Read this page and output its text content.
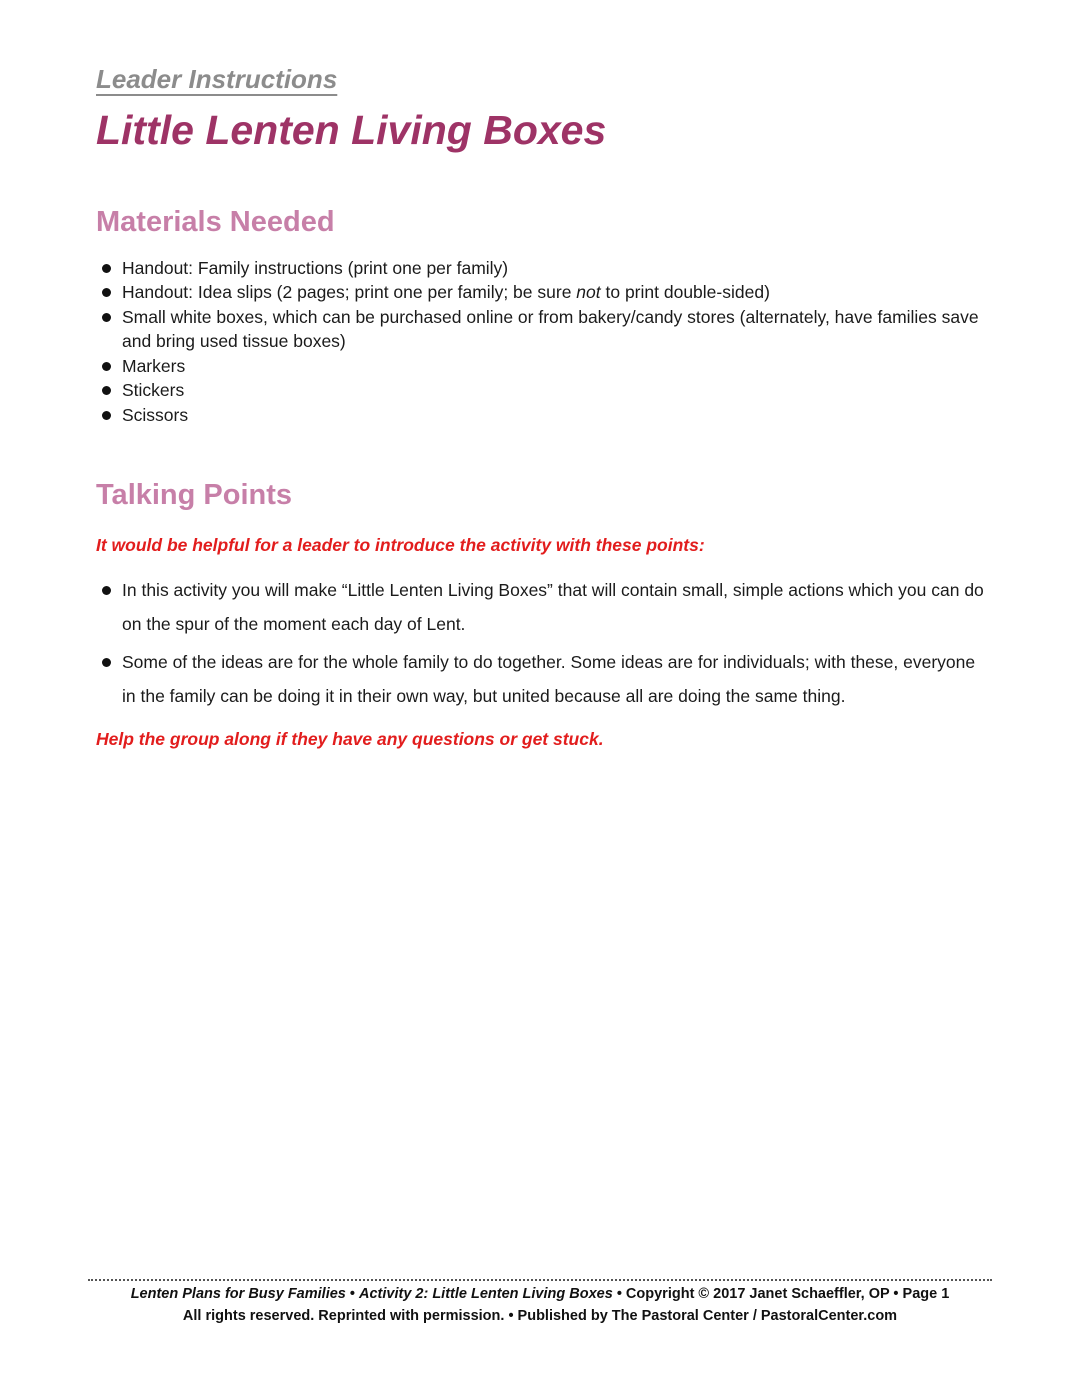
Leader Instructions
Little Lenten Living Boxes
Materials Needed
Handout: Family instructions (print one per family)
Handout: Idea slips (2 pages; print one per family; be sure not to print double-sided)
Small white boxes, which can be purchased online or from bakery/candy stores (alternately, have families save and bring used tissue boxes)
Markers
Stickers
Scissors
Talking Points

It would be helpful for a leader to introduce the activity with these points:

In this activity you will make “Little Lenten Living Boxes” that will contain small, simple actions which you can do on the spur of the moment each day of Lent.
Some of the ideas are for the whole family to do together. Some ideas are for individuals; with these, everyone in the family can be doing it in their own way, but united because all are doing the same thing.

Help the group along if they have any questions or get stuck.

Lenten Plans for Busy Families • Activity 2: Little Lenten Living Boxes • Copyright © 2017 Janet Schaeffler, OP • Page 1
All rights reserved. Reprinted with permission. • Published by The Pastoral Center / PastoralCenter.com
